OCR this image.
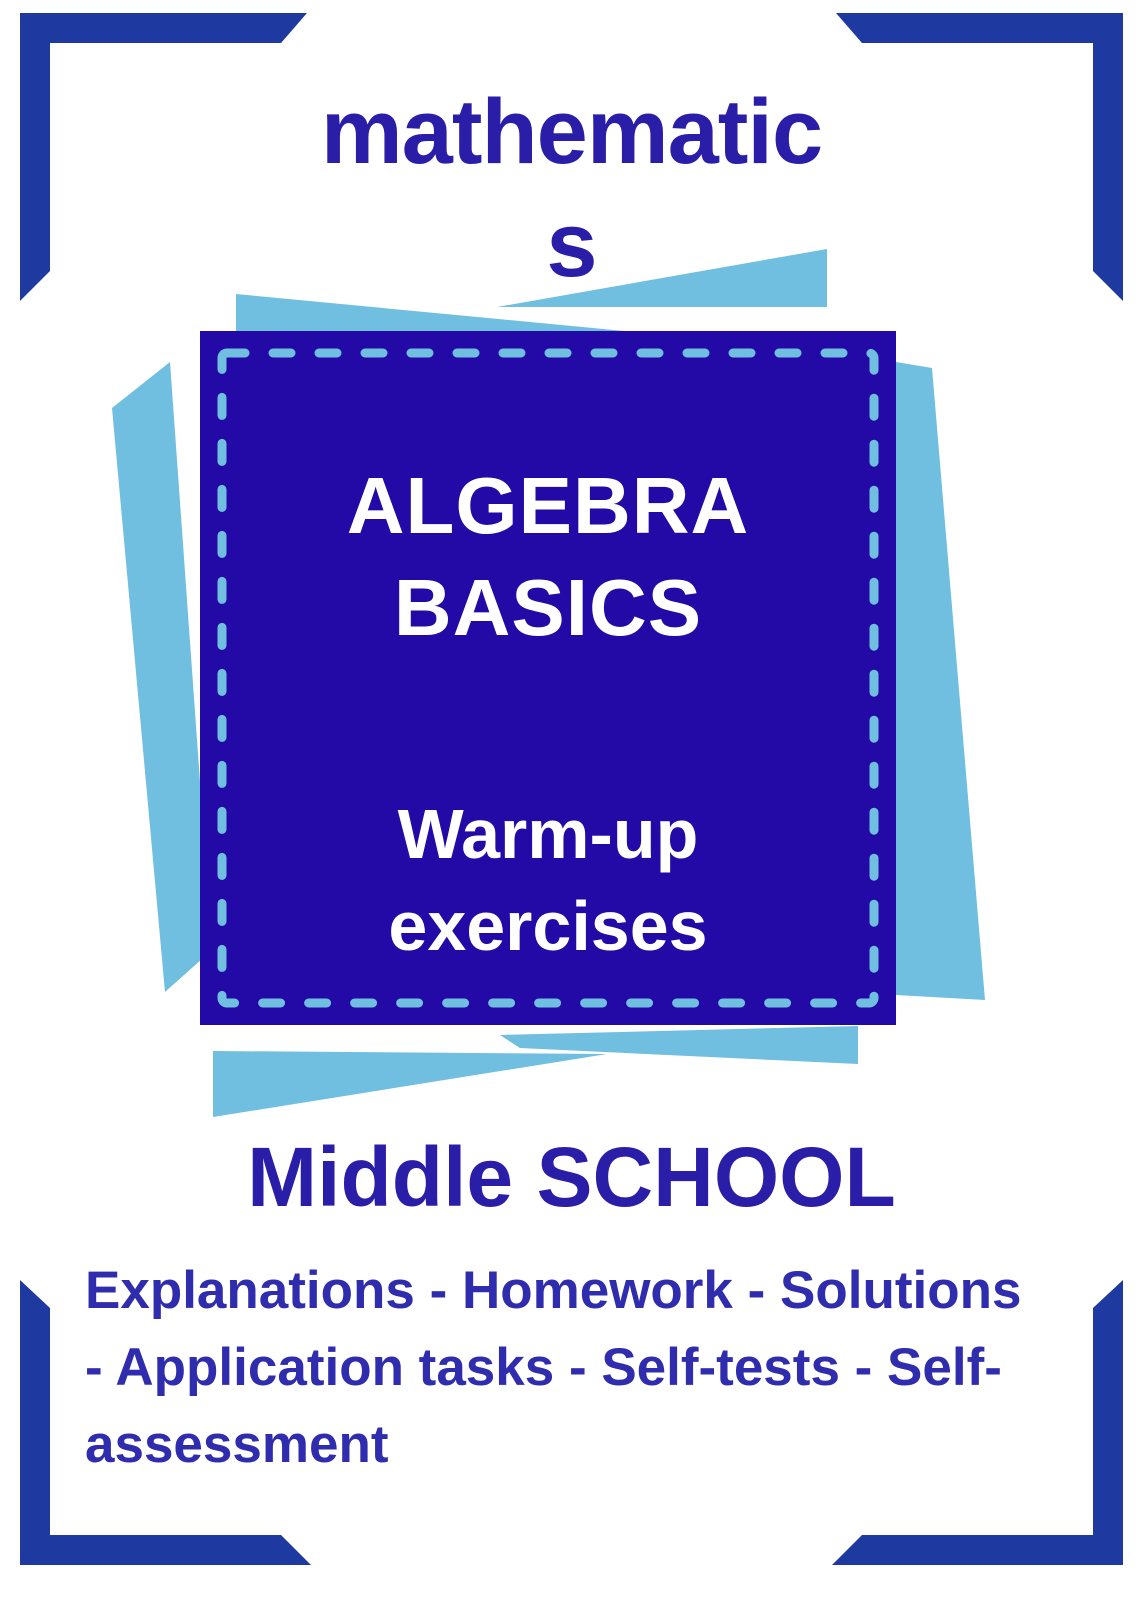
mathematic
s
ALGEBRA
BASICS
Warm-up
exercises
Middle SCHOOL
Explanations - Homework - Solutions
- Application tasks - Self-tests - Self-
assessment
